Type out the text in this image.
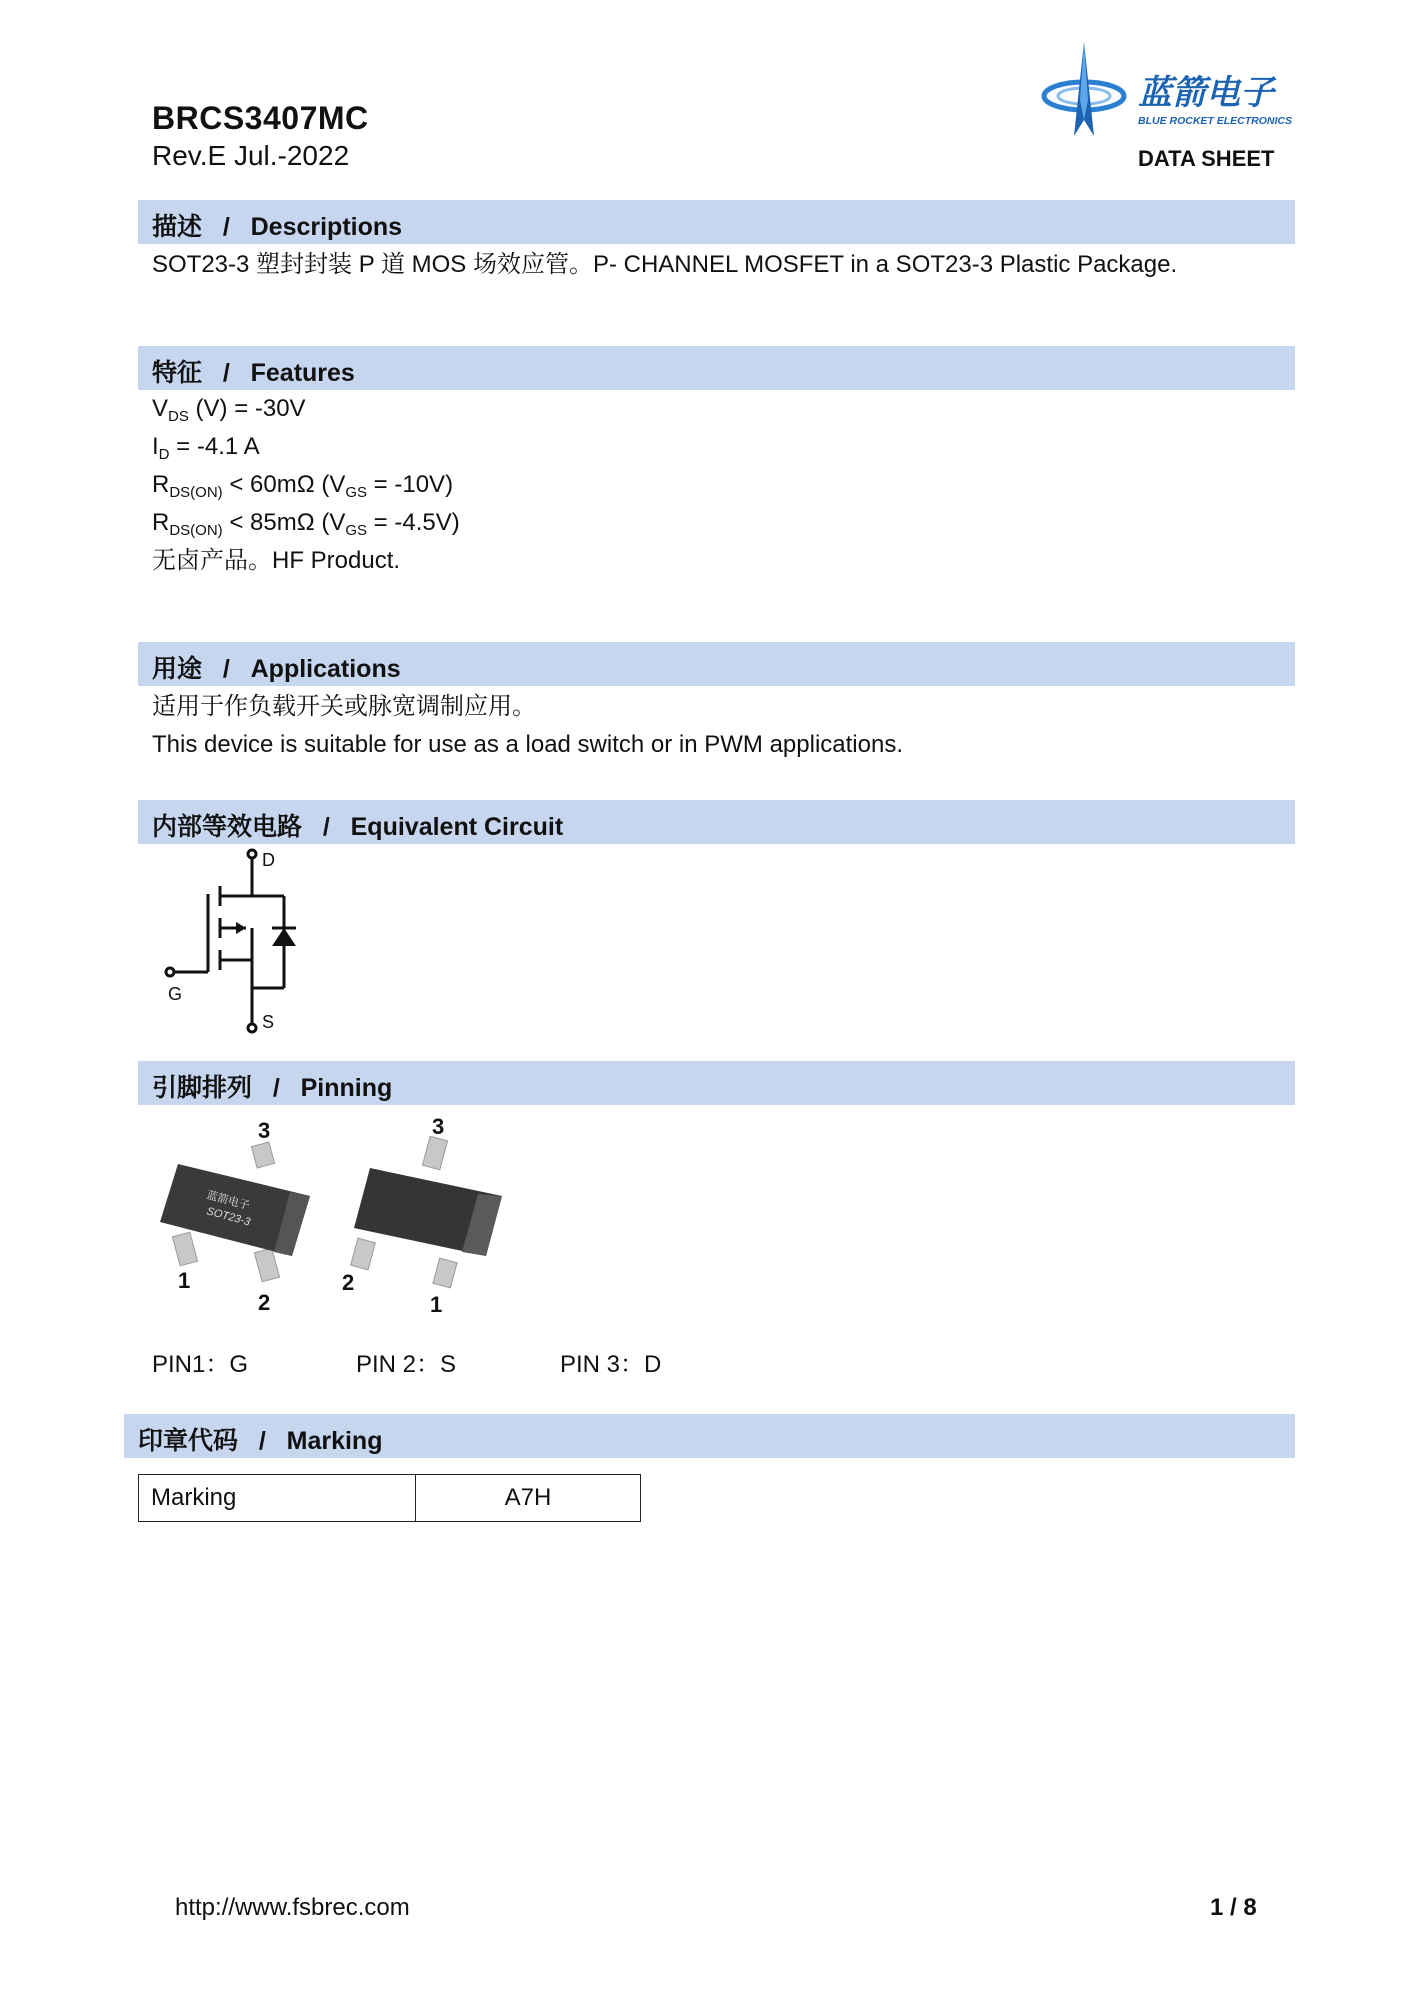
BRCS3407MC
Rev.E Jul.-2022
蓝箭电子
BLUE ROCKET ELECTRONICS
DATA SHEET
描述   /   Descriptions
SOT23-3 塑封封装 P 道 MOS 场效应管。P- CHANNEL MOSFET in a SOT23-3 Plastic Package.
特征   /   Features
$V_{DS}$ (V) = -30V
$I_D = -4.1$ A
$R_{DS(ON)} < 60m\Omega$ $(V_{GS} = -10V)$
$R_{DS(ON)} < 85m\Omega$ $(V_{GS} = -4.5V)$
无卤产品。HF Product.
用途   /   Applications
适用于作负载开关或脉宽调制应用。
This device is suitable for use as a load switch or in PWM applications.
内部等效电路   /   Equivalent Circuit
D
G
S
引脚排列   /   Pinning
蓝箭电子
SOT23-3
3
1
2
3
2
1
PIN1：G	PIN 2：S	PIN 3：D
印章代码   /   Marking
Marking	A7H
http://www.fsbrec.com	1 / 8
